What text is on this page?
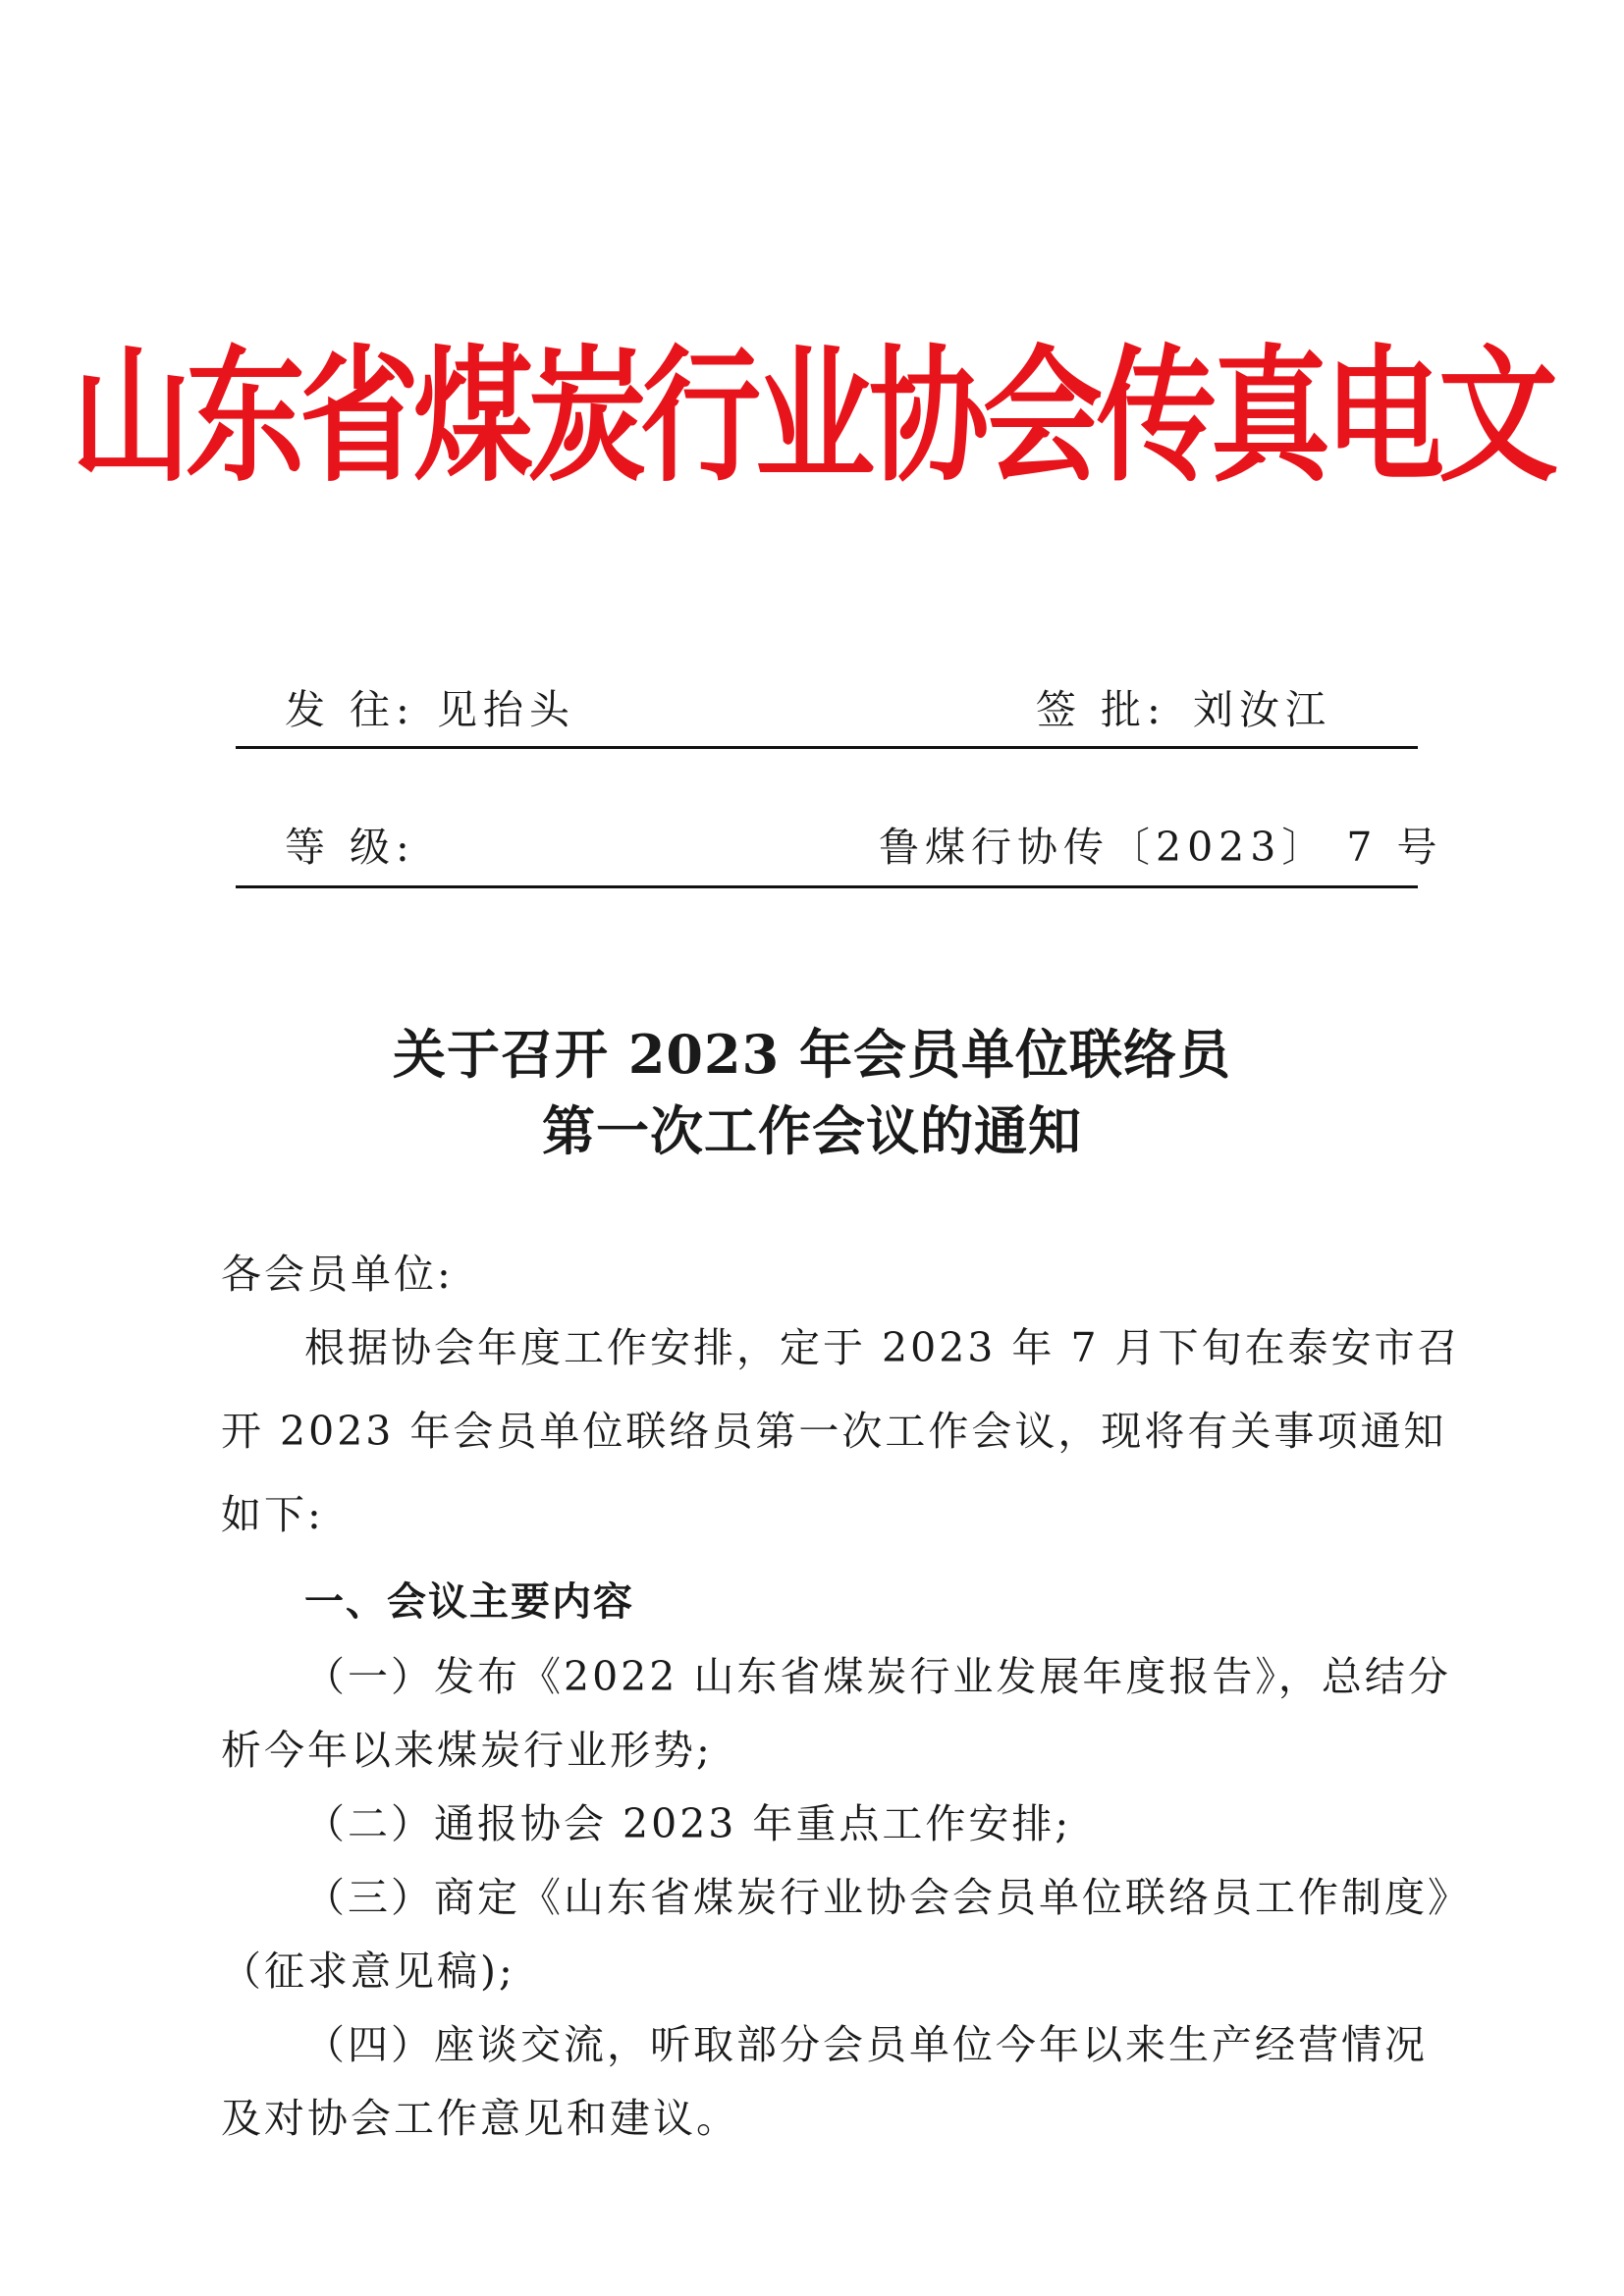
山东省煤炭行业协会传真电文
发 往: 见抬头	签 批: 刘汝江
等 级:	鲁煤行协传〔2023〕 7 号
关于召开 2023 年会员单位联络员
第一次工作会议的通知
各会员单位:
根据协会年度工作安排，定于 2023 年 7 月下旬在泰安市召
开 2023 年会员单位联络员第一次工作会议，现将有关事项通知
如下:
一、会议主要内容
（一）发布《2022 山东省煤炭行业发展年度报告》，总结分
析今年以来煤炭行业形势;
（二）通报协会 2023 年重点工作安排;
（三）商定《山东省煤炭行业协会会员单位联络员工作制度》
（征求意见稿);
（四）座谈交流，听取部分会员单位今年以来生产经营情况
及对协会工作意见和建议。
